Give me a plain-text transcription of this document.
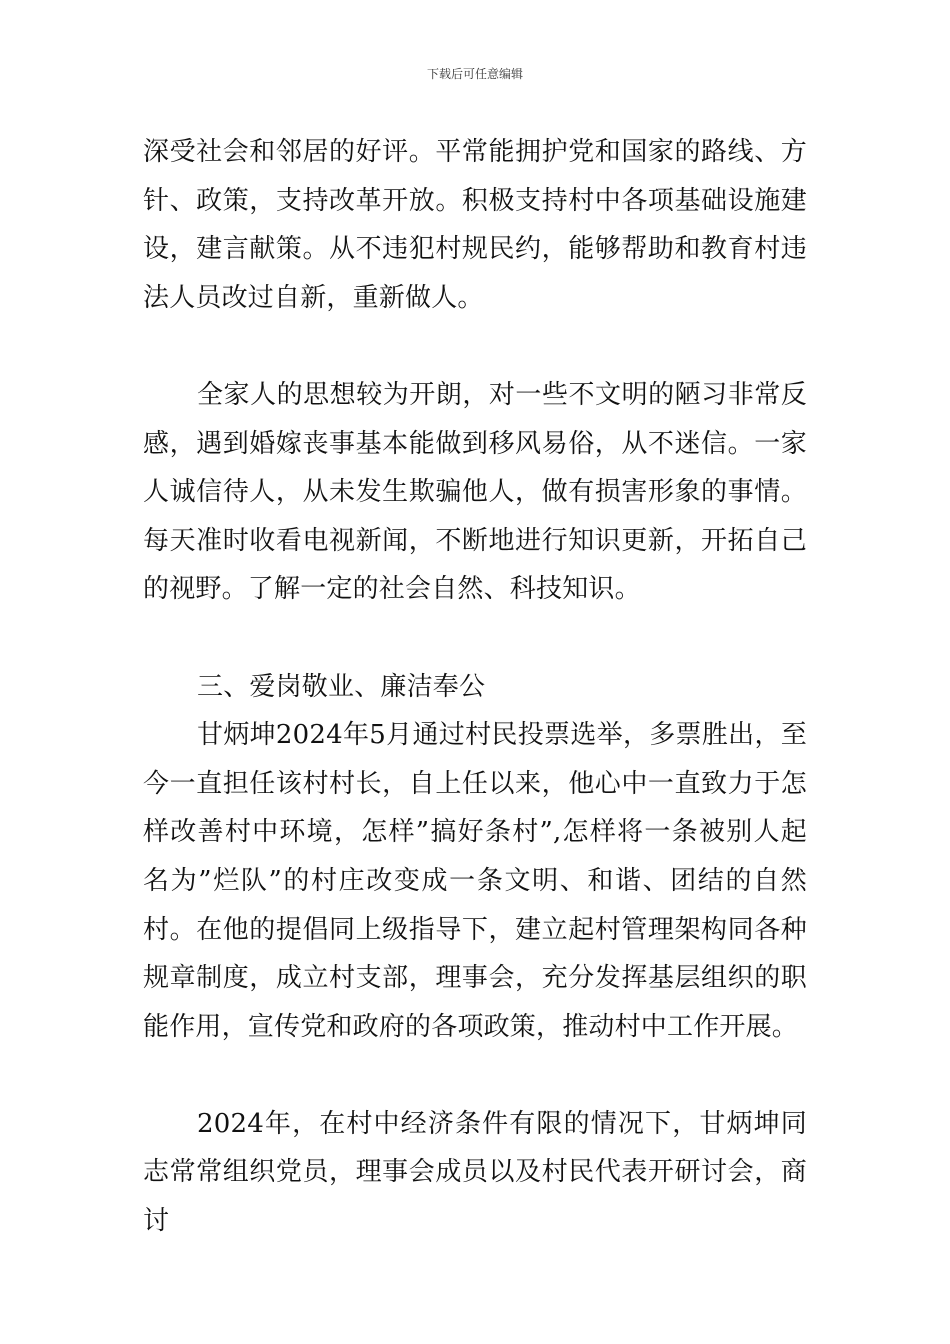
下载后可任意编辑

深受社会和邻居的好评。平常能拥护党和国家的路线、方针、政策，支持改革开放。积极支持村中各项基础设施建设，建言献策。从不违犯村规民约，能够帮助和教育村违法人员改过自新，重新做人。

全家人的思想较为开朗，对一些不文明的陋习非常反感，遇到婚嫁丧事基本能做到移风易俗，从不迷信。一家人诚信待人，从未发生欺骗他人，做有损害形象的事情。每天准时收看电视新闻，不断地进行知识更新，开拓自己的视野。了解一定的社会自然、科技知识。

三、爱岗敬业、廉洁奉公

甘炳坤2024年5月通过村民投票选举，多票胜出，至今一直担任该村村长，自上任以来，他心中一直致力于怎样改善村中环境，怎样”搞好条村”,怎样将一条被别人起名为”烂队”的村庄改变成一条文明、和谐、团结的自然村。在他的提倡同上级指导下，建立起村管理架构同各种规章制度，成立村支部，理事会，充分发挥基层组织的职能作用，宣传党和政府的各项政策，推动村中工作开展。

2024年，在村中经济条件有限的情况下，甘炳坤同志常常组织党员，理事会成员以及村民代表开研讨会，商讨
